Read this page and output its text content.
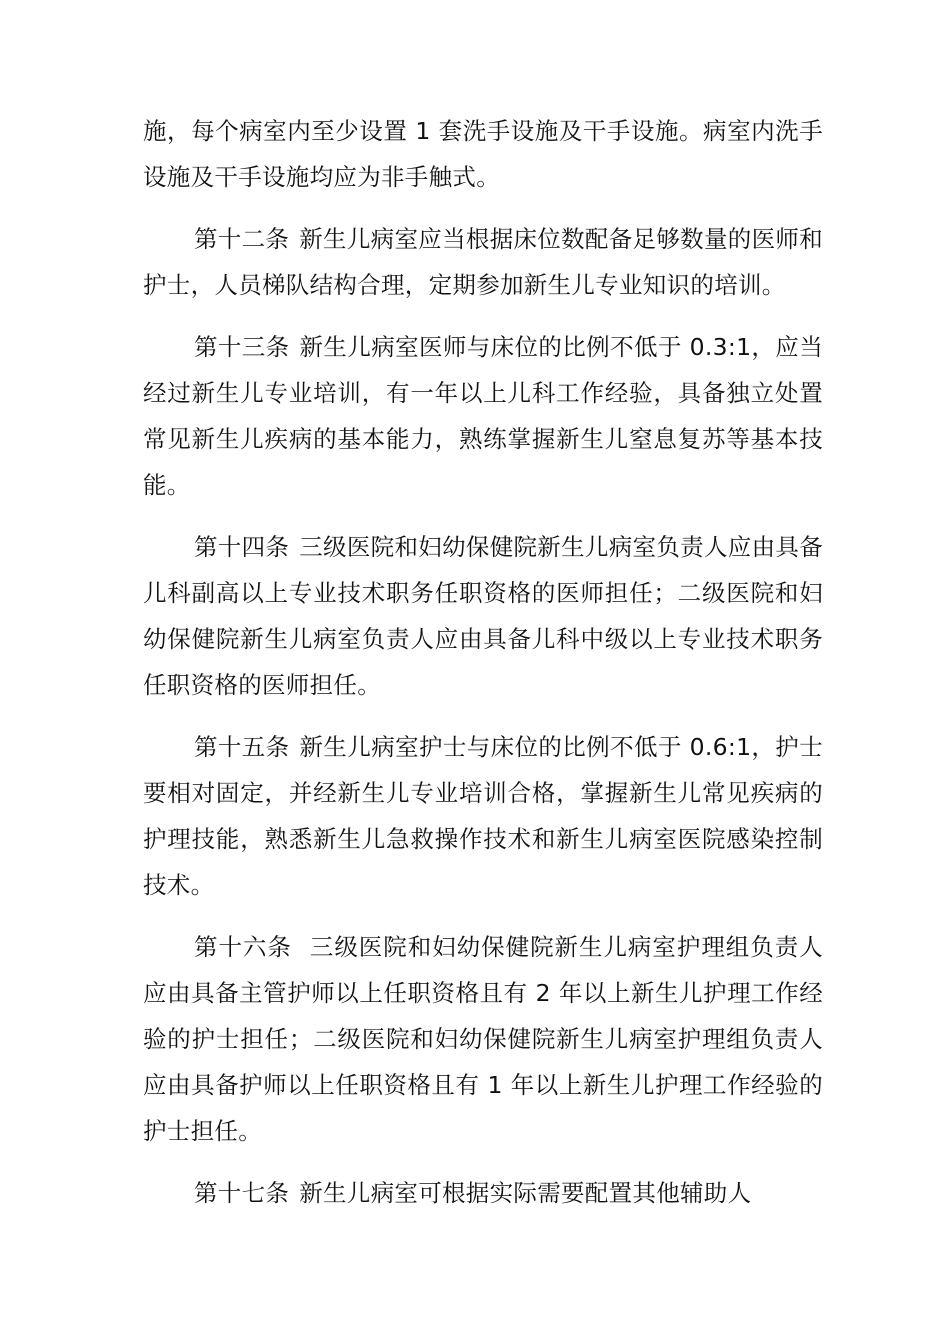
施，每个病室内至少设置 1 套洗手设施及干手设施。病室内洗手设施及干手设施均应为非手触式。

第十二条 新生儿病室应当根据床位数配备足够数量的医师和护士，人员梯队结构合理，定期参加新生儿专业知识的培训。

第十三条 新生儿病室医师与床位的比例不低于 0.3:1，应当经过新生儿专业培训，有一年以上儿科工作经验，具备独立处置常见新生儿疾病的基本能力，熟练掌握新生儿窒息复苏等基本技能。

第十四条 三级医院和妇幼保健院新生儿病室负责人应由具备儿科副高以上专业技术职务任职资格的医师担任；二级医院和妇幼保健院新生儿病室负责人应由具备儿科中级以上专业技术职务任职资格的医师担任。

第十五条 新生儿病室护士与床位的比例不低于 0.6:1，护士要相对固定，并经新生儿专业培训合格，掌握新生儿常见疾病的护理技能，熟悉新生儿急救操作技术和新生儿病室医院感染控制技术。

第十六条 三级医院和妇幼保健院新生儿病室护理组负责人应由具备主管护师以上任职资格且有 2 年以上新生儿护理工作经验的护士担任；二级医院和妇幼保健院新生儿病室护理组负责人应由具备护师以上任职资格且有 1 年以上新生儿护理工作经验的护士担任。

第十七条 新生儿病室可根据实际需要配置其他辅助人
